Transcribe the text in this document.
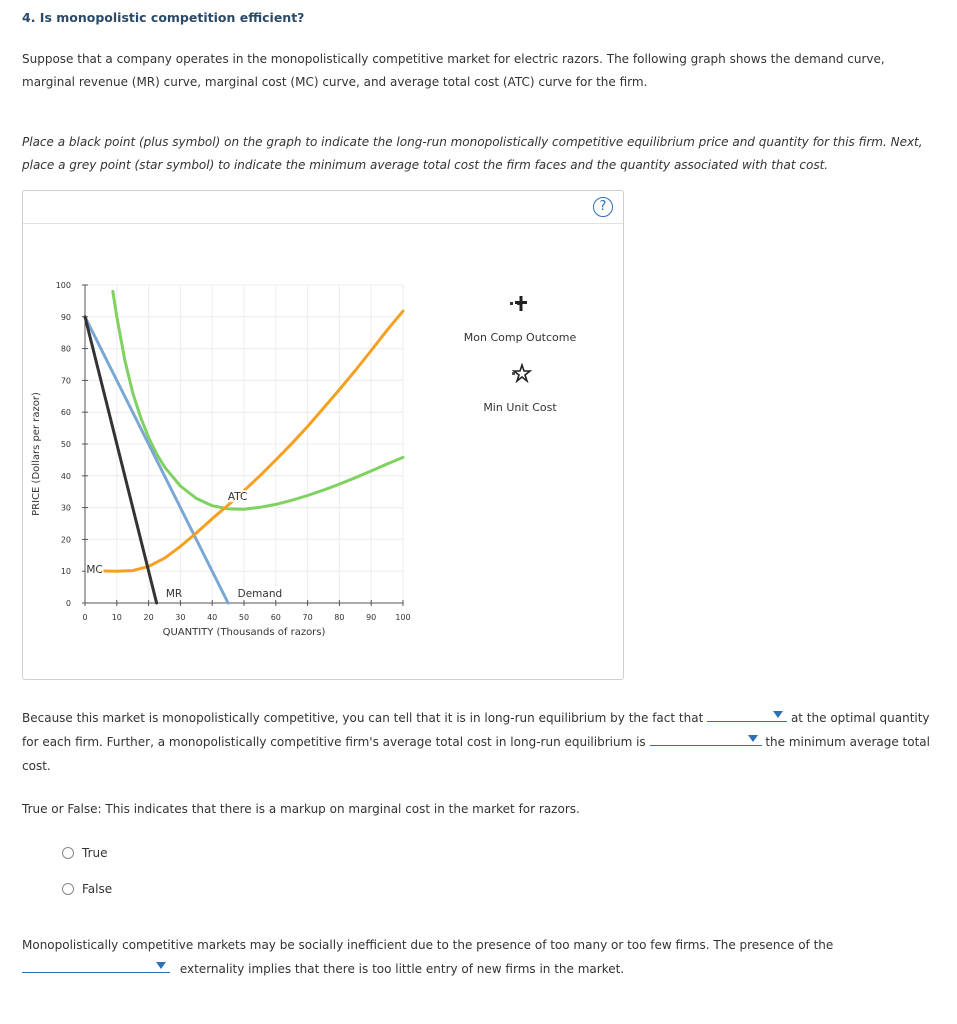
4. Is monopolistic competition efficient?
Suppose that a company operates in the monopolistically competitive market for electric razors. The following graph shows the demand curve, marginal revenue (MR) curve, marginal cost (MC) curve, and average total cost (ATC) curve for the firm.
Place a black point (plus symbol) on the graph to indicate the long-run monopolistically competitive equilibrium price and quantity for this firm. Next, place a grey point (star symbol) to indicate the minimum average total cost the firm faces and the quantity associated with that cost.
?
0	10	20	30	40	50	60	70	80	90 100
0
10
20
30
40
50
60
70
80
90
100
QUANTITY (Thousands of razors)
PRICE (Dollars per razor)	ATC
MC
MR	Demand
Mon Comp Outcome
Min Unit Cost
Because this market is monopolistically competitive, you can tell that it is in long-run equilibrium by the fact that	at the optimal quantity for each firm. Further, a monopolistically competitive firm's average total cost in long-run equilibrium is	the minimum average total cost.
True or False: This indicates that there is a markup on marginal cost in the market for razors.
True
False
Monopolistically competitive markets may be socially inefficient due to the presence of too many or too few firms. The presence of the

externality implies that there is too little entry of new firms in the market.
